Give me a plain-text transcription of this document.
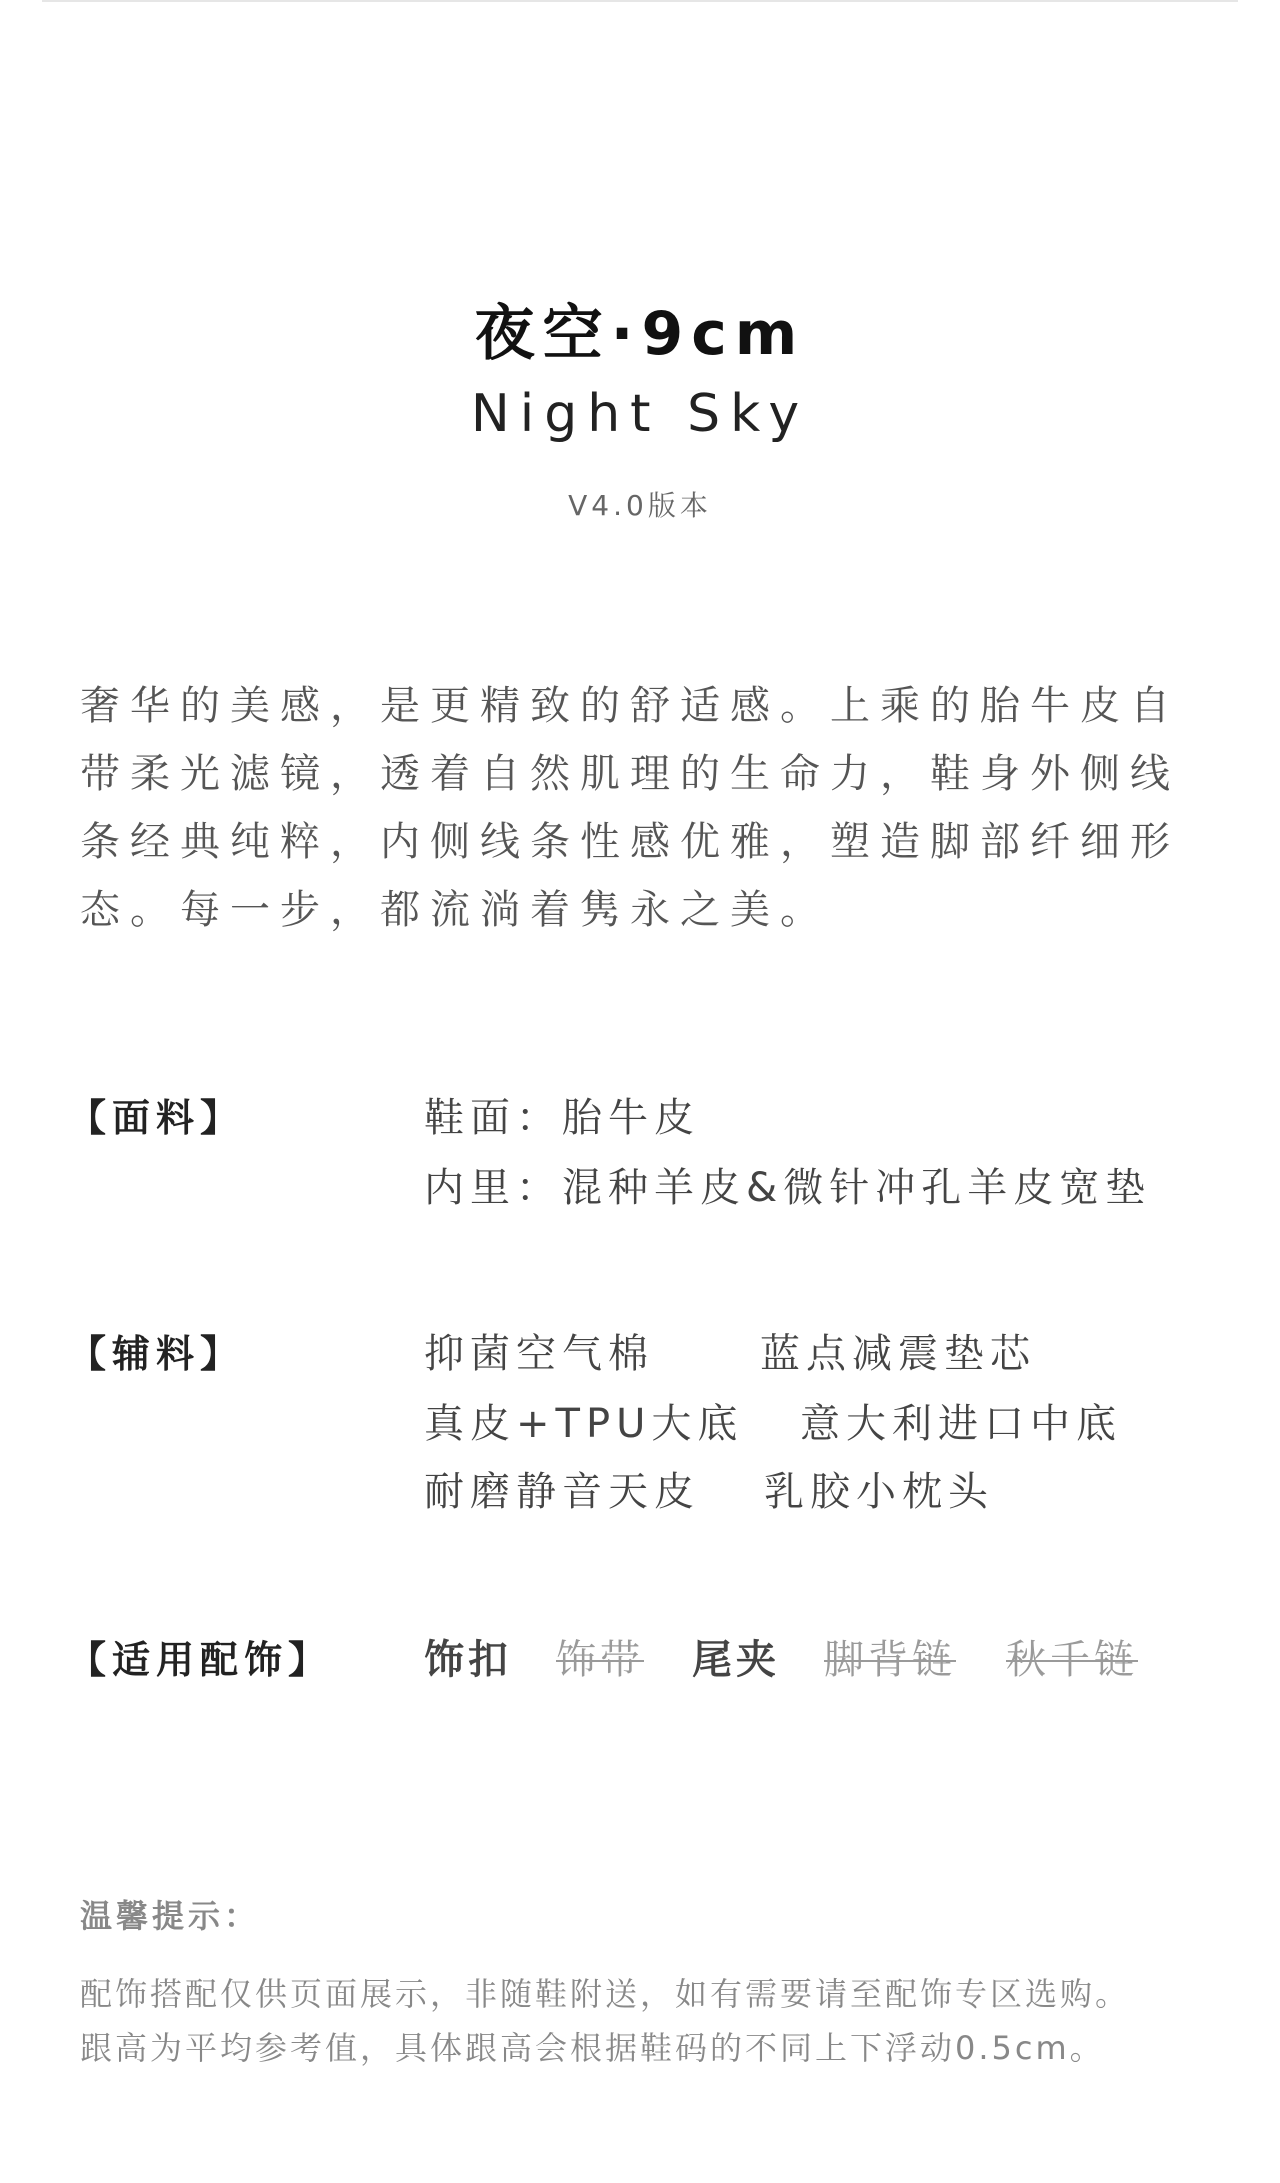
夜空·9cm
Night Sky
V4.0版本

奢华的美感，是更精致的舒适感。上乘的胎牛皮自带柔光滤镜，透着自然肌理的生命力，鞋身外侧线条经典纯粹，内侧线条性感优雅，塑造脚部纤细形态。每一步，都流淌着隽永之美。

【面料】	鞋面：胎牛皮
内里：混种羊皮&微针冲孔羊皮宽垫
【辅料】	抑菌空气棉	蓝点减震垫芯
真皮+TPU大底 意大利进口中底
耐磨静音天皮 乳胶小枕头
【适用配饰】 饰扣 饰带 尾夹 脚背链 秋千链
温馨提示：
配饰搭配仅供页面展示，非随鞋附送，如有需要请至配饰专区选购。
跟高为平均参考值，具体跟高会根据鞋码的不同上下浮动0.5cm。
